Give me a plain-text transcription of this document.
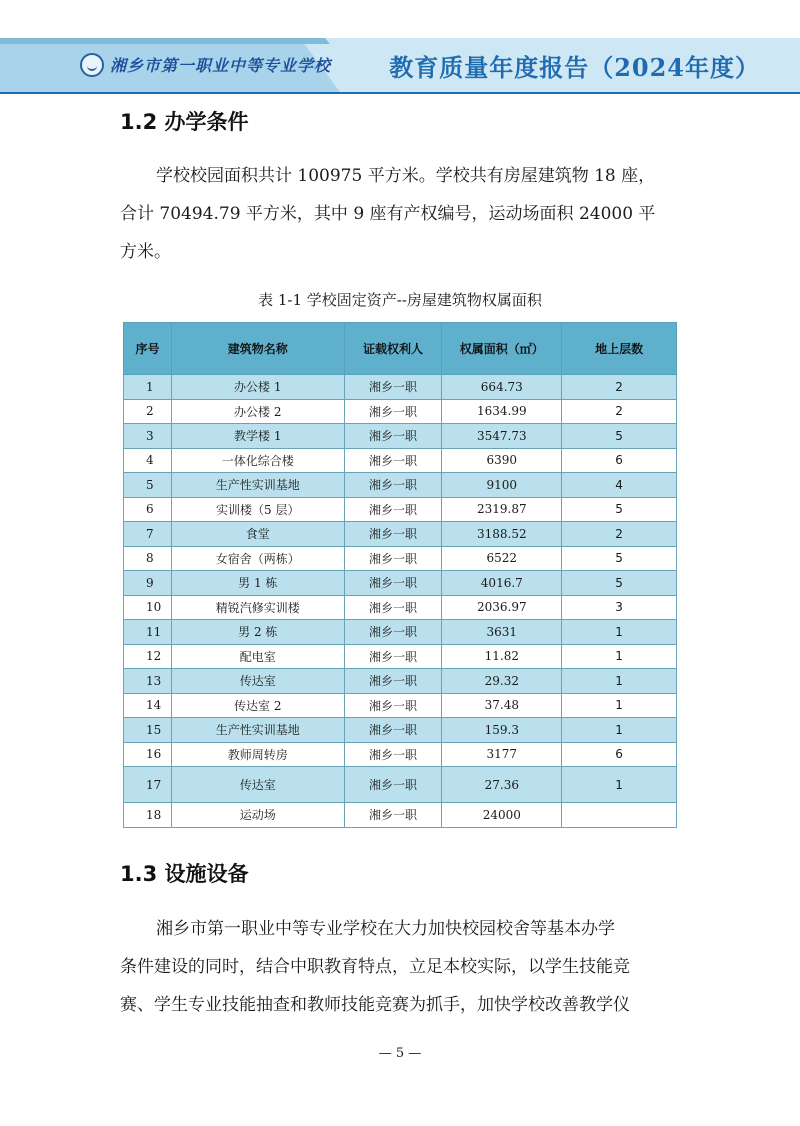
湘乡市第一职业中等专业学校 教育质量年度报告（2024年度）
1.2 办学条件
学校校园面积共计 100975 平方米。学校共有房屋建筑物 18 座，
合计 70494.79 平方米，其中 9 座有产权编号，运动场面积 24000 平
方米。
表 1-1 学校固定资产--房屋建筑物权属面积
序号	建筑物名称	证载权利人	权属面积（㎡）	地上层数
1	办公楼 1	湘乡一职	664.73	2
2	办公楼 2	湘乡一职	1634.99	2
3	教学楼 1	湘乡一职	3547.73	5
4	一体化综合楼	湘乡一职	6390	6
5	生产性实训基地	湘乡一职	9100	4
6	实训楼（5 层）	湘乡一职	2319.87	5
7	食堂	湘乡一职	3188.52	2
8	女宿舍（两栋）	湘乡一职	6522	5
9	男 1 栋	湘乡一职	4016.7	5
10	精锐汽修实训楼	湘乡一职	2036.97	3
11	男 2 栋	湘乡一职	3631	1
12	配电室	湘乡一职	11.82	1
13	传达室	湘乡一职	29.32	1
14	传达室 2	湘乡一职	37.48	1
15	生产性实训基地	湘乡一职	159.3	1
16	教师周转房	湘乡一职	3177	6
17	传达室	湘乡一职	27.36	1
18	运动场	湘乡一职	24000	
1.3 设施设备
湘乡市第一职业中等专业学校在大力加快校园校舍等基本办学
条件建设的同时，结合中职教育特点，立足本校实际，以学生技能竞
赛、学生专业技能抽查和教师技能竞赛为抓手，加快学校改善教学仪
— 5 —
